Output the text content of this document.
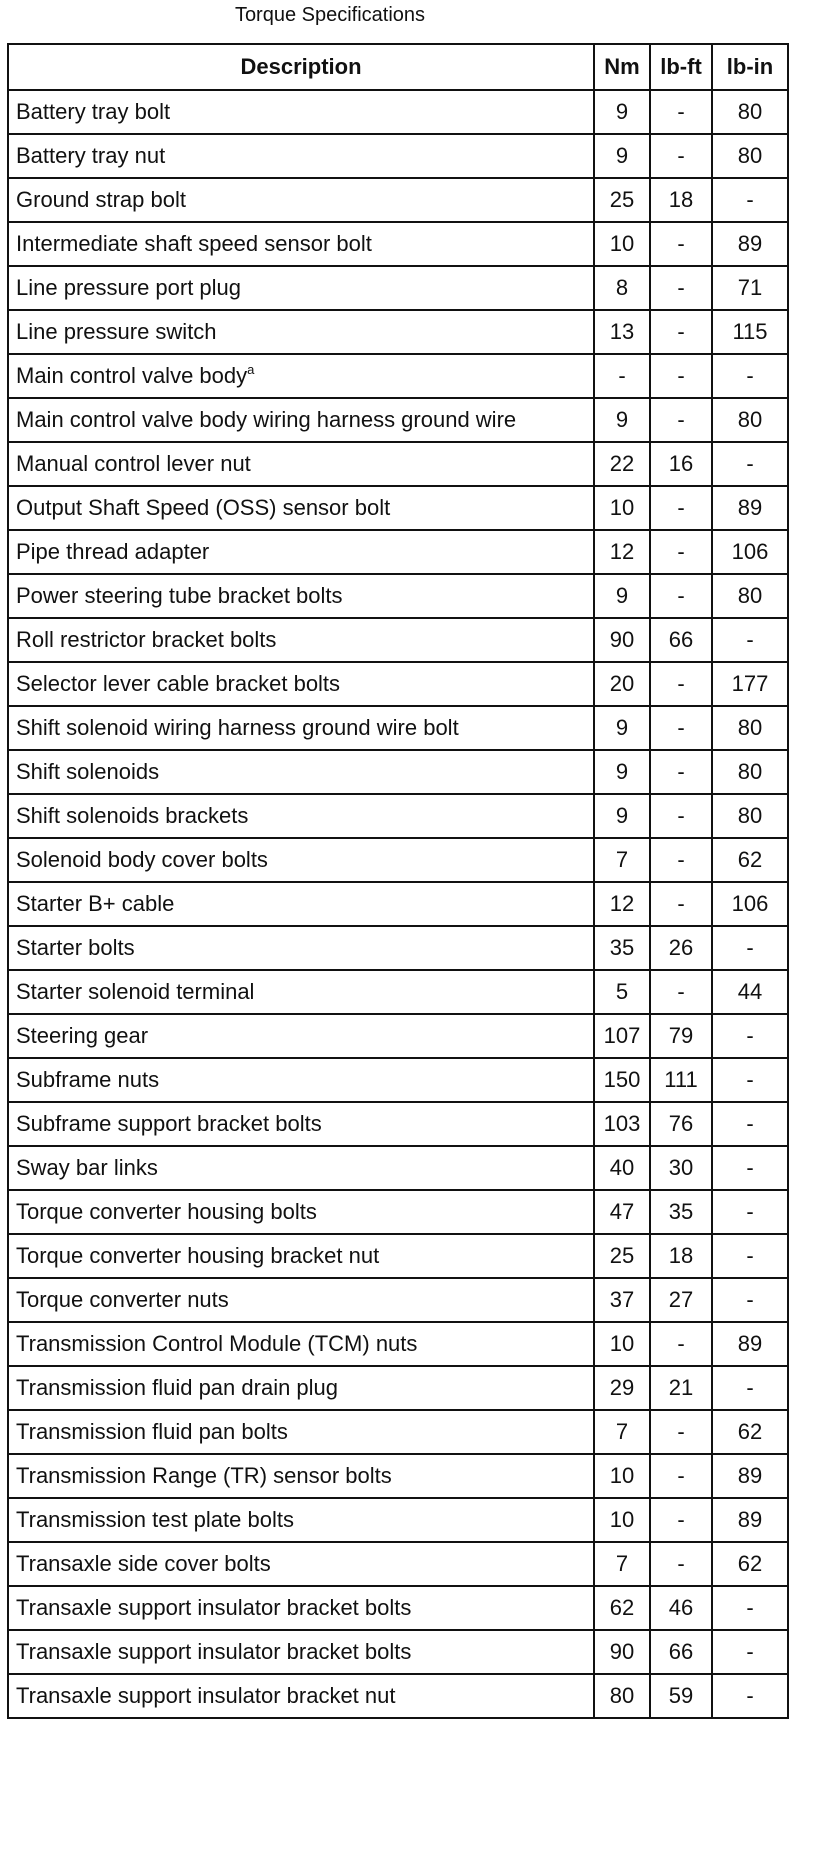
Torque Specifications
Description	Nm	lb-ft	lb-in
Battery tray bolt	9	-	80
Battery tray nut	9	-	80
Ground strap bolt	25	18	-
Intermediate shaft speed sensor bolt	10	-	89
Line pressure port plug	8	-	71
Line pressure switch	13	-	115
Main control valve body$^a$	-	-	-
Main control valve body wiring harness ground wire	9	-	80
Manual control lever nut	22	16	-
Output Shaft Speed (OSS) sensor bolt	10	-	89
Pipe thread adapter	12	-	106
Power steering tube bracket bolts	9	-	80
Roll restrictor bracket bolts	90	66	-
Selector lever cable bracket bolts	20	-	177
Shift solenoid wiring harness ground wire bolt	9	-	80
Shift solenoids	9	-	80
Shift solenoids brackets	9	-	80
Solenoid body cover bolts	7	-	62
Starter B+ cable	12	-	106
Starter bolts	35	26	-
Starter solenoid terminal	5	-	44
Steering gear	107	79	-
Subframe nuts	150	111	-
Subframe support bracket bolts	103	76	-
Sway bar links	40	30	-
Torque converter housing bolts	47	35	-
Torque converter housing bracket nut	25	18	-
Torque converter nuts	37	27	-
Transmission Control Module (TCM) nuts	10	-	89
Transmission fluid pan drain plug	29	21	-
Transmission fluid pan bolts	7	-	62
Transmission Range (TR) sensor bolts	10	-	89
Transmission test plate bolts	10	-	89
Transaxle side cover bolts	7	-	62
Transaxle support insulator bracket bolts	62	46	-
Transaxle support insulator bracket bolts	90	66	-
Transaxle support insulator bracket nut	80	59	-
